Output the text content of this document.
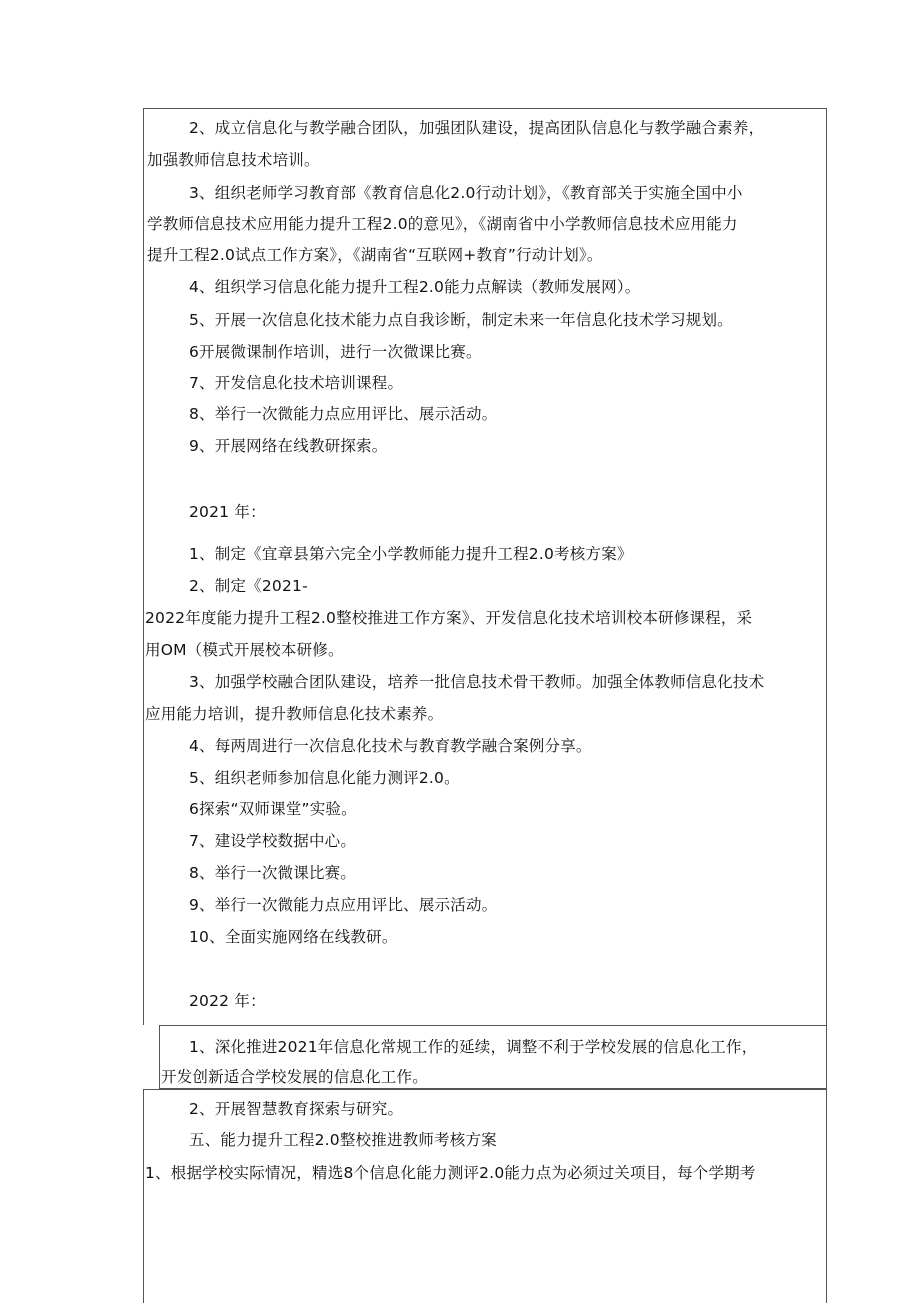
2、成立信息化与教学融合团队，加强团队建设，提高团队信息化与教学融合素养，

加强教师信息技术培训。

3、组织老师学习教育部《教育信息化2.0行动计划》，《教育部关于实施全国中小

学教师信息技术应用能力提升工程2.0的意见》，《湖南省中小学教师信息技术应用能力

提升工程2.0试点工作方案》，《湖南省“互联网+教育”行动计划》。

4、组织学习信息化能力提升工程2.0能力点解读（教师发展网）。

5、开展一次信息化技术能力点自我诊断，制定未来一年信息化技术学习规划。

6开展微课制作培训，进行一次微课比赛。

7、开发信息化技术培训课程。

8、举行一次微能力点应用评比、展示活动。

9、开展网络在线教研探索。

2021 年：

1、制定《宜章县第六完全小学教师能力提升工程2.0考核方案》

2、制定《2021-

2022年度能力提升工程2.0整校推进工作方案》、开发信息化技术培训校本研修课程，采

用OM（模式开展校本研修。

3、加强学校融合团队建设，培养一批信息技术骨干教师。加强全体教师信息化技术

应用能力培训，提升教师信息化技术素养。

4、每两周进行一次信息化技术与教育教学融合案例分享。

5、组织老师参加信息化能力测评2.0。

6探索“双师课堂”实验。

7、建设学校数据中心。

8、举行一次微课比赛。

9、举行一次微能力点应用评比、展示活动。

10、全面实施网络在线教研。

2022 年：

1、深化推进2021年信息化常规工作的延续，调整不利于学校发展的信息化工作，

开发创新适合学校发展的信息化工作。

2、开展智慧教育探索与研究。

五、能力提升工程2.0整校推进教师考核方案

1、根据学校实际情况，精选8个信息化能力测评2.0能力点为必须过关项目，每个学期考
